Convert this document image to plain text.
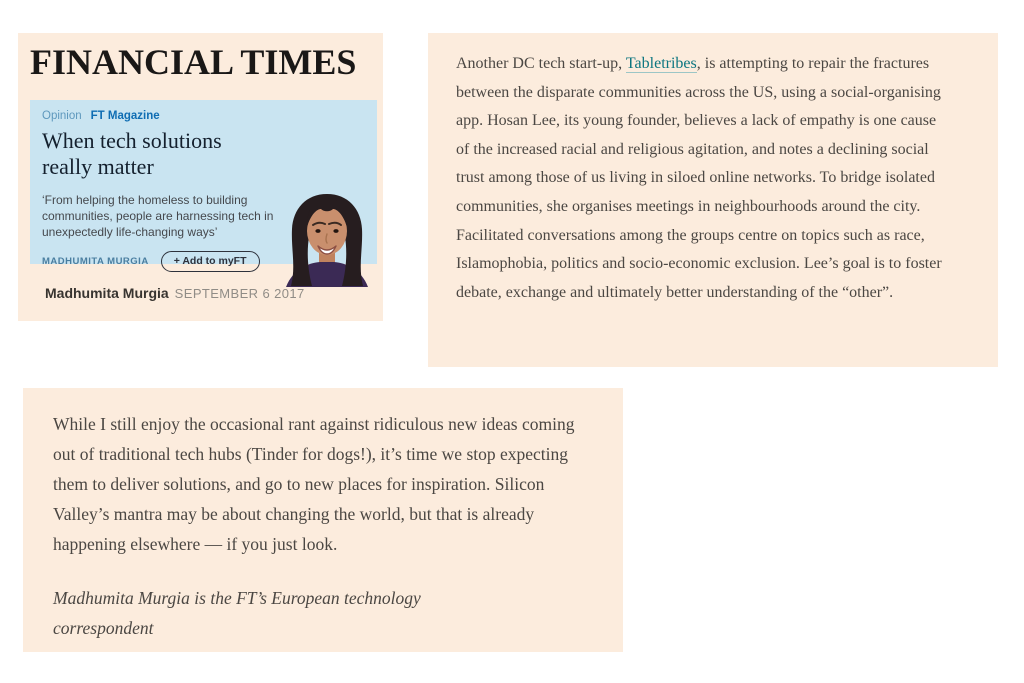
FINANCIAL TIMES
Opinion FT Magazine
When tech solutions really matter
‘From helping the homeless to building communities, people are harnessing tech in unexpectedly life-changing ways’
MADHUMITA MURGIA	+ Add to myFT
Madhumita Murgia SEPTEMBER 6 2017

Another DC tech start-up, Tabletribes, is attempting to repair the fractures between the disparate communities across the US, using a social-organising app. Hosan Lee, its young founder, believes a lack of empathy is one cause of the increased racial and religious agitation, and notes a declining social trust among those of us living in siloed online networks. To bridge isolated communities, she organises meetings in neighbourhoods around the city. Facilitated conversations among the groups centre on topics such as race, Islamophobia, politics and socio-economic exclusion. Lee’s goal is to foster debate, exchange and ultimately better understanding of the “other”.

While I still enjoy the occasional rant against ridiculous new ideas coming out of traditional tech hubs (Tinder for dogs!), it’s time we stop expecting them to deliver solutions, and go to new places for inspiration. Silicon Valley’s mantra may be about changing the world, but that is already happening elsewhere — if you just look.

Madhumita Murgia is the FT’s European technology correspondent
